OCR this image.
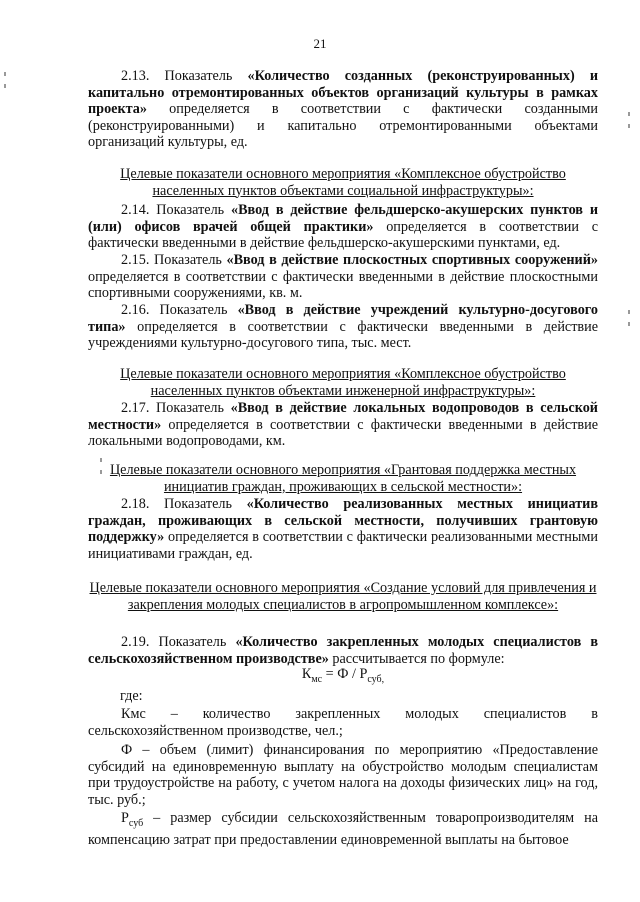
21

2.13. Показатель «Количество созданных (реконструированных) и капитально отремонтированных объектов организаций культуры в рамках проекта» определяется в соответствии с фактически созданными (реконструированными) и капитально отремонтированными объектами организаций культуры, ед.

Целевые показатели основного мероприятия «Комплексное обустройство населенных пунктов объектами социальной инфраструктуры»:

2.14. Показатель «Ввод в действие фельдшерско-акушерских пунктов и (или) офисов врачей общей практики» определяется в соответствии с фактически введенными в действие фельдшерско-акушерскими пунктами, ед.

2.15. Показатель «Ввод в действие плоскостных спортивных сооружений» определяется в соответствии с фактически введенными в действие плоскостными спортивными сооружениями, кв. м.

2.16. Показатель «Ввод в действие учреждений культурно-досугового типа» определяется в соответствии с фактически введенными в действие учреждениями культурно-досугового типа, тыс. мест.

Целевые показатели основного мероприятия «Комплексное обустройство населенных пунктов объектами инженерной инфраструктуры»:

2.17. Показатель «Ввод в действие локальных водопроводов в сельской местности» определяется в соответствии с фактически введенными в действие локальными водопроводами, км.

Целевые показатели основного мероприятия «Грантовая поддержка местных инициатив граждан, проживающих в сельской местности»:

2.18. Показатель «Количество реализованных местных инициатив граждан, проживающих в сельской местности, получивших грантовую поддержку» определяется в соответствии с фактически реализованными местными инициативами граждан, ед.

Целевые показатели основного мероприятия «Создание условий для привлечения и закрепления молодых специалистов в агропромышленном комплексе»:

2.19. Показатель «Количество закрепленных молодых специалистов в сельскохозяйственном производстве» рассчитывается по формуле:

$К_{мс} = Ф / Р_{суб,}$
где:
Кмс – количество закрепленных молодых специалистов в
сельскохозяйственном производстве, чел.;

Ф – объем (лимит) финансирования по мероприятию «Предоставление субсидий на единовременную выплату на обустройство молодым специалистам при трудоустройстве на работу, с учетом налога на доходы физических лиц» на год, тыс. руб.;

$Р_{суб}$ – размер субсидии сельскохозяйственным товаропроизводителям на компенсацию затрат при предоставлении единовременной выплаты на бытовое
